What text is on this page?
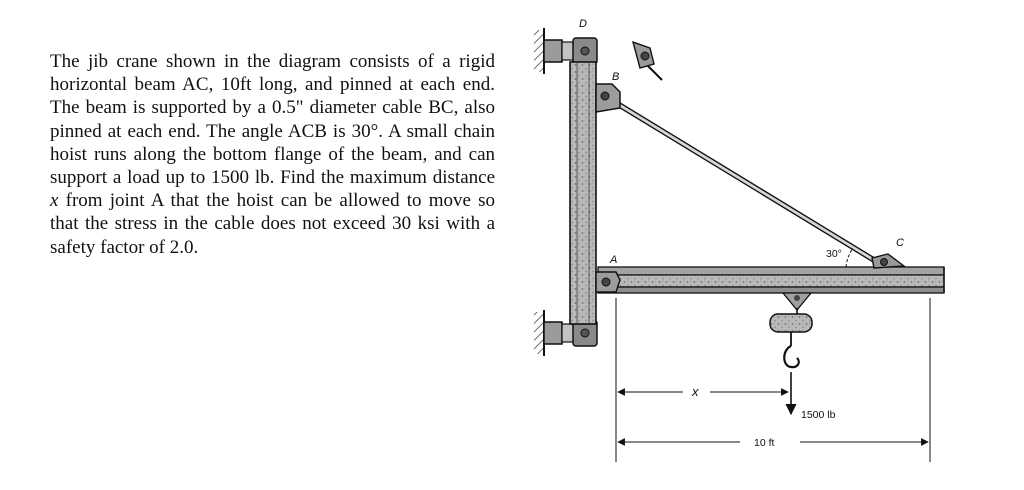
The jib crane shown in the diagram consists of a rigid horizontal beam AC, 10ft long, and pinned at each end. The beam is supported by a 0.5" diameter cable BC, also pinned at each end. The angle ACB is 30°. A small chain hoist runs along the bottom flange of the beam, and can support a load up to 1500 lb. Find the maximum distance x from joint A that the hoist can be allowed to move so that the stress in the cable does not exceed 30 ksi with a safety factor of 2.0.

D
B
A
C
30°
x
1500 lb
10 ft
